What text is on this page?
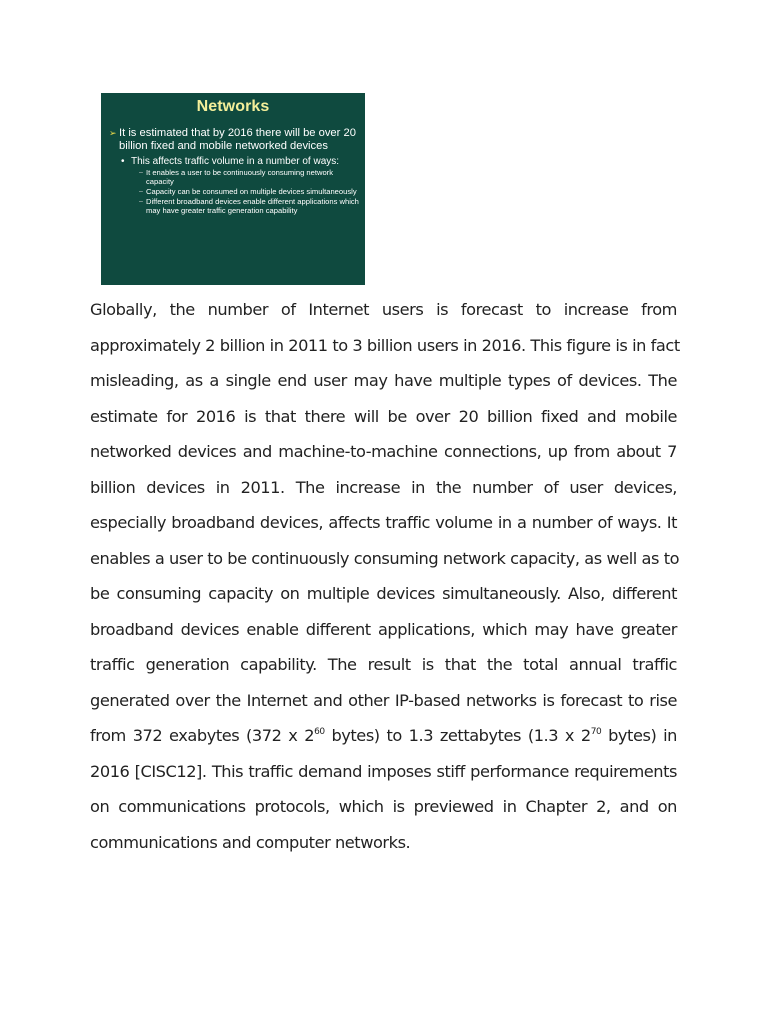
Networks
➢ It is estimated that by 2016 there will be over 20 billion fixed and mobile networked devices
• This affects traffic volume in a number of ways:
– It enables a user to be continuously consuming network capacity
– Capacity can be consumed on multiple devices simultaneously
– Different broadband devices enable different applications which may have greater traffic generation capability
Globally, the number of Internet users is forecast to increase from
approximately 2 billion in 2011 to 3 billion users in 2016. This figure is in fact
misleading, as a single end user may have multiple types of devices. The
estimate for 2016 is that there will be over 20 billion fixed and mobile
networked devices and machine-to-machine connections, up from about 7
billion devices in 2011. The increase in the number of user devices,
especially broadband devices, affects traffic volume in a number of ways. It
enables a user to be continuously consuming network capacity, as well as to
be consuming capacity on multiple devices simultaneously. Also, different
broadband devices enable different applications, which may have greater
traffic generation capability. The result is that the total annual traffic
generated over the Internet and other IP-based networks is forecast to rise
from 372 exabytes (372 x $2^{60}$ bytes) to 1.3 zettabytes (1.3 x $2^{70}$ bytes) in
2016 [CISC12]. This traffic demand imposes stiff performance requirements
on communications protocols, which is previewed in Chapter 2, and on
communications and computer networks.
